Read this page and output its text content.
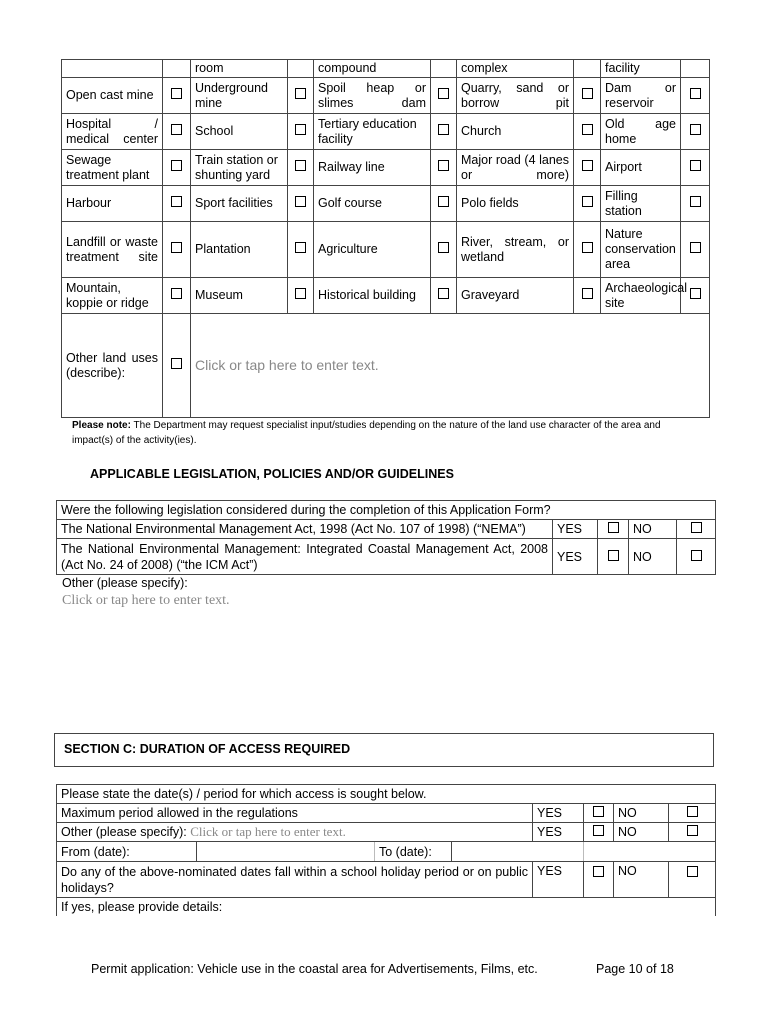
		room		compound		complex		facility	
Open cast mine		Underground mine		Spoil heap or slimes dam		Quarry, sand or borrow pit		Dam or reservoir	
Hospital / medical center		School		Tertiary education facility		Church		Old age home	
Sewage treatment plant		Train station or shunting yard		Railway line		Major road (4 lanes or more)		Airport	
Harbour		Sport facilities		Golf course		Polo fields		Filling station	
Landfill or waste treatment site		Plantation		Agriculture		River, stream, or wetland		Nature conservation area	
Mountain, koppie or ridge		Museum		Historical building		Graveyard		Archaeological site	
Other land uses (describe):		Click or tap here to enter text.							
Please note: The Department may request specialist input/studies depending on the nature of the land use character of the area and impact(s) of the activity(ies).
APPLICABLE LEGISLATION, POLICIES AND/OR GUIDELINES
Were the following legislation considered during the completion of this Application Form?				
The National Environmental Management Act, 1998 (Act No. 107 of 1998) (“NEMA”)	YES		NO	
The National Environmental Management: Integrated Coastal Management Act, 2008 (Act No. 24 of 2008) (“the ICM Act”)	YES		NO	
Other (please specify):
Click or tap here to enter text.
SECTION C: DURATION OF ACCESS REQUIRED
Please state the date(s) / period for which access is sought below.							
Maximum period allowed in the regulations				YES		NO	
Other (please specify): Click or tap here to enter text.				YES		NO	
From (date):		To (date):					
Do any of the above-nominated dates fall within a school holiday period or on public holidays?				YES		NO	
If yes, please provide details:							
Permit application: Vehicle use in the coastal area for Advertisements, Films, etc.	Page 10 of 18
